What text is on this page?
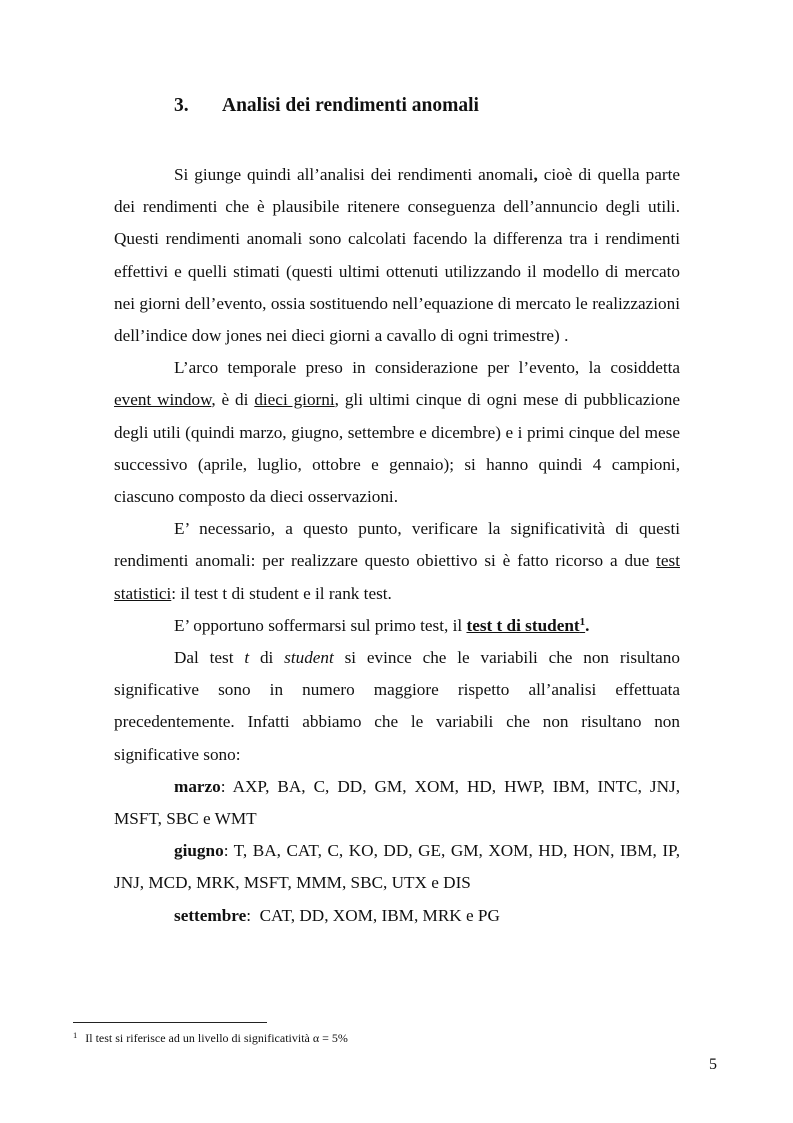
3. Analisi dei rendimenti anomali

Si giunge quindi all’analisi dei rendimenti anomali, cioè di quella parte dei rendimenti che è plausibile ritenere conseguenza dell’annuncio degli utili. Questi rendimenti anomali sono calcolati facendo la differenza tra i rendimenti effettivi e quelli stimati (questi ultimi ottenuti utilizzando il modello di mercato nei giorni dell’evento, ossia sostituendo nell’equazione di mercato le realizzazioni dell’indice dow jones nei dieci giorni a cavallo di ogni trimestre) .

L’arco temporale preso in considerazione per l’evento, la cosiddetta event window, è di dieci giorni, gli ultimi cinque di ogni mese di pubblicazione degli utili (quindi marzo, giugno, settembre e dicembre) e i primi cinque del mese successivo (aprile, luglio, ottobre e gennaio); si hanno quindi 4 campioni, ciascuno composto da dieci osservazioni.

E’ necessario, a questo punto, verificare la significatività di questi rendimenti anomali: per realizzare questo obiettivo si è fatto ricorso a due test statistici: il test t di student e il rank test.

E’ opportuno soffermarsi sul primo test, il test t di student$^1$.

Dal test t di student si evince che le variabili che non risultano significative sono in numero maggiore rispetto all’analisi effettuata precedentemente. Infatti abbiamo che le variabili che non risultano non significative sono:

marzo: AXP, BA, C, DD, GM, XOM, HD, HWP, IBM, INTC, JNJ, MSFT, SBC e WMT

giugno: T, BA, CAT, C, KO, DD, GE, GM, XOM, HD, HON, IBM, IP, JNJ, MCD, MRK, MSFT, MMM, SBC, UTX e DIS

settembre:  CAT, DD, XOM, IBM, MRK e PG

$^1$ Il test si riferisce ad un livello di significatività α = 5%
5
